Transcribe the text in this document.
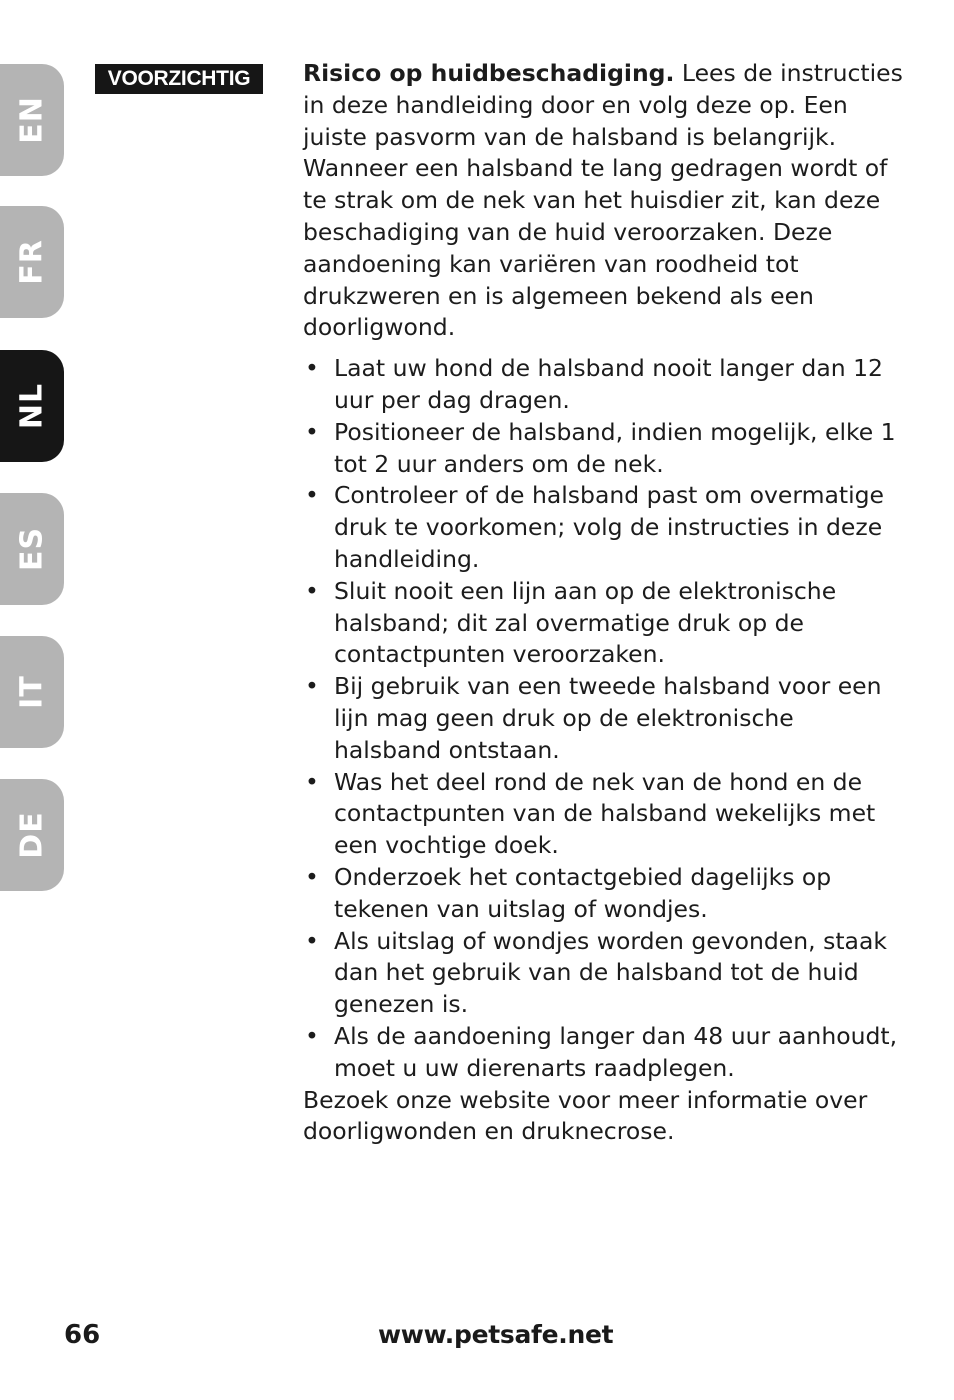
EN
FR
NL
ES
IT
DE
VOORZICHTIG	Risico op huidbeschadiging. Lees de instructies in deze handleiding door en volg deze op. Een juiste pasvorm van de halsband is belangrijk. Wanneer een halsband te lang gedragen wordt of te strak om de nek van het huisdier zit, kan deze beschadiging van de huid veroorzaken. Deze aandoening kan variëren van roodheid tot drukzweren en is algemeen bekend als een doorligwond.

• Laat uw hond de halsband nooit langer dan 12 uur per dag dragen.
• Positioneer de halsband, indien mogelijk, elke 1 tot 2 uur anders om de nek.
• Controleer of de halsband past om overmatige druk te voorkomen; volg de instructies in deze handleiding.
• Sluit nooit een lijn aan op de elektronische halsband; dit zal overmatige druk op de contactpunten veroorzaken.
• Bij gebruik van een tweede halsband voor een lijn mag geen druk op de elektronische halsband ontstaan.
• Was het deel rond de nek van de hond en de contactpunten van de halsband wekelijks met een vochtige doek.
• Onderzoek het contactgebied dagelijks op tekenen van uitslag of wondjes.
• Als uitslag of wondjes worden gevonden, staak dan het gebruik van de halsband tot de huid genezen is.
• Als de aandoening langer dan 48 uur aanhoudt, moet u uw dierenarts raadplegen.

Bezoek onze website voor meer informatie over doorligwonden en druknecrose.

66	www.petsafe.net
